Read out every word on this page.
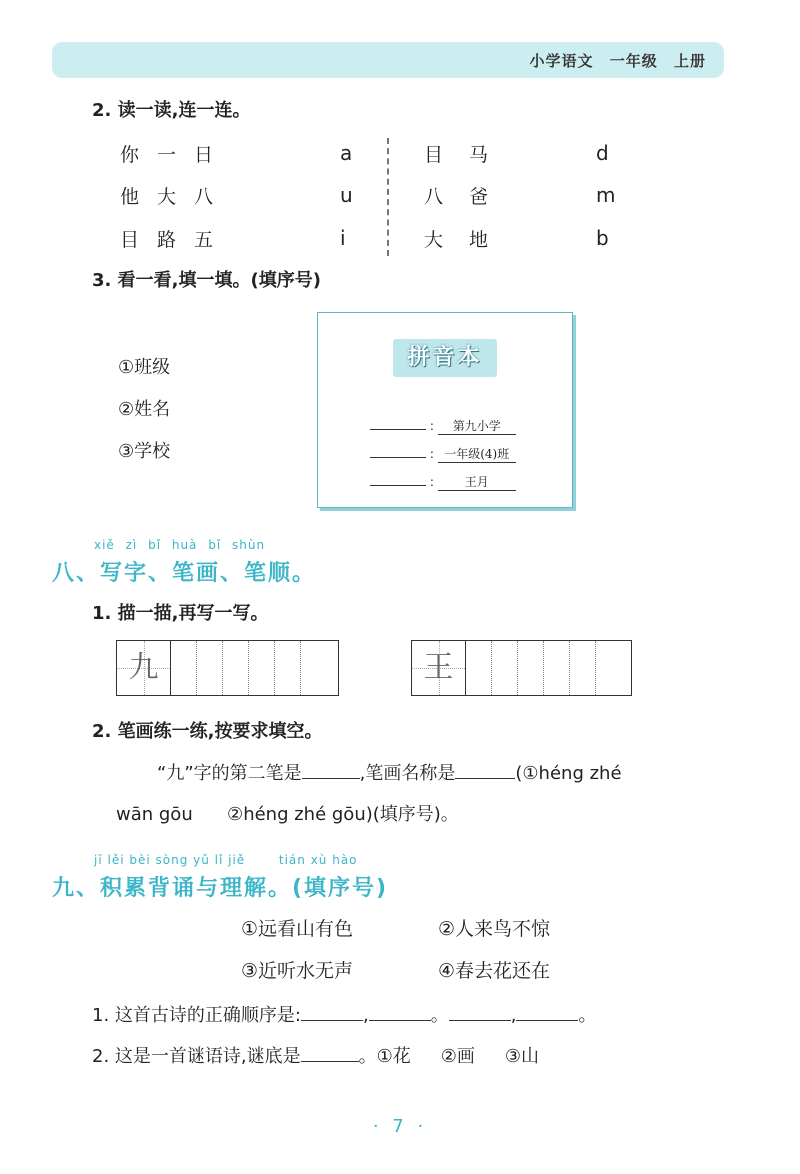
小学语文 一年级 上册
2. 读一读,连一连。
你一日	a
他大八	u
目路五	i
目马	d
八爸	m
大地	b
3. 看一看,填一填。(填序号)
①班级
②姓名
③学校
拼音本
: 第九小学
: 一年级(4)班
:	王月
xiě zì bǐ huà bǐ shùn
八、写字、笔画、笔顺。
1. 描一描,再写一写。
九	王
2. 笔画练一练,按要求填空。
“九”字的第二笔是	,笔画名称是	(①héng zhé
wān gōu      ②héng zhé gōu)(填序号)。
jī lěi bèi sòng yǔ lǐ jiě       tián xù hào
九、积累背诵与理解。(填序号)
①远看山有色	②人来鸟不惊
③近听水无声	④春去花还在
1. 这首古诗的正确顺序是:	,	。	,	。
2. 这是一首谜语诗,谜底是	。①花 ②画 ③山
· 7 ·
